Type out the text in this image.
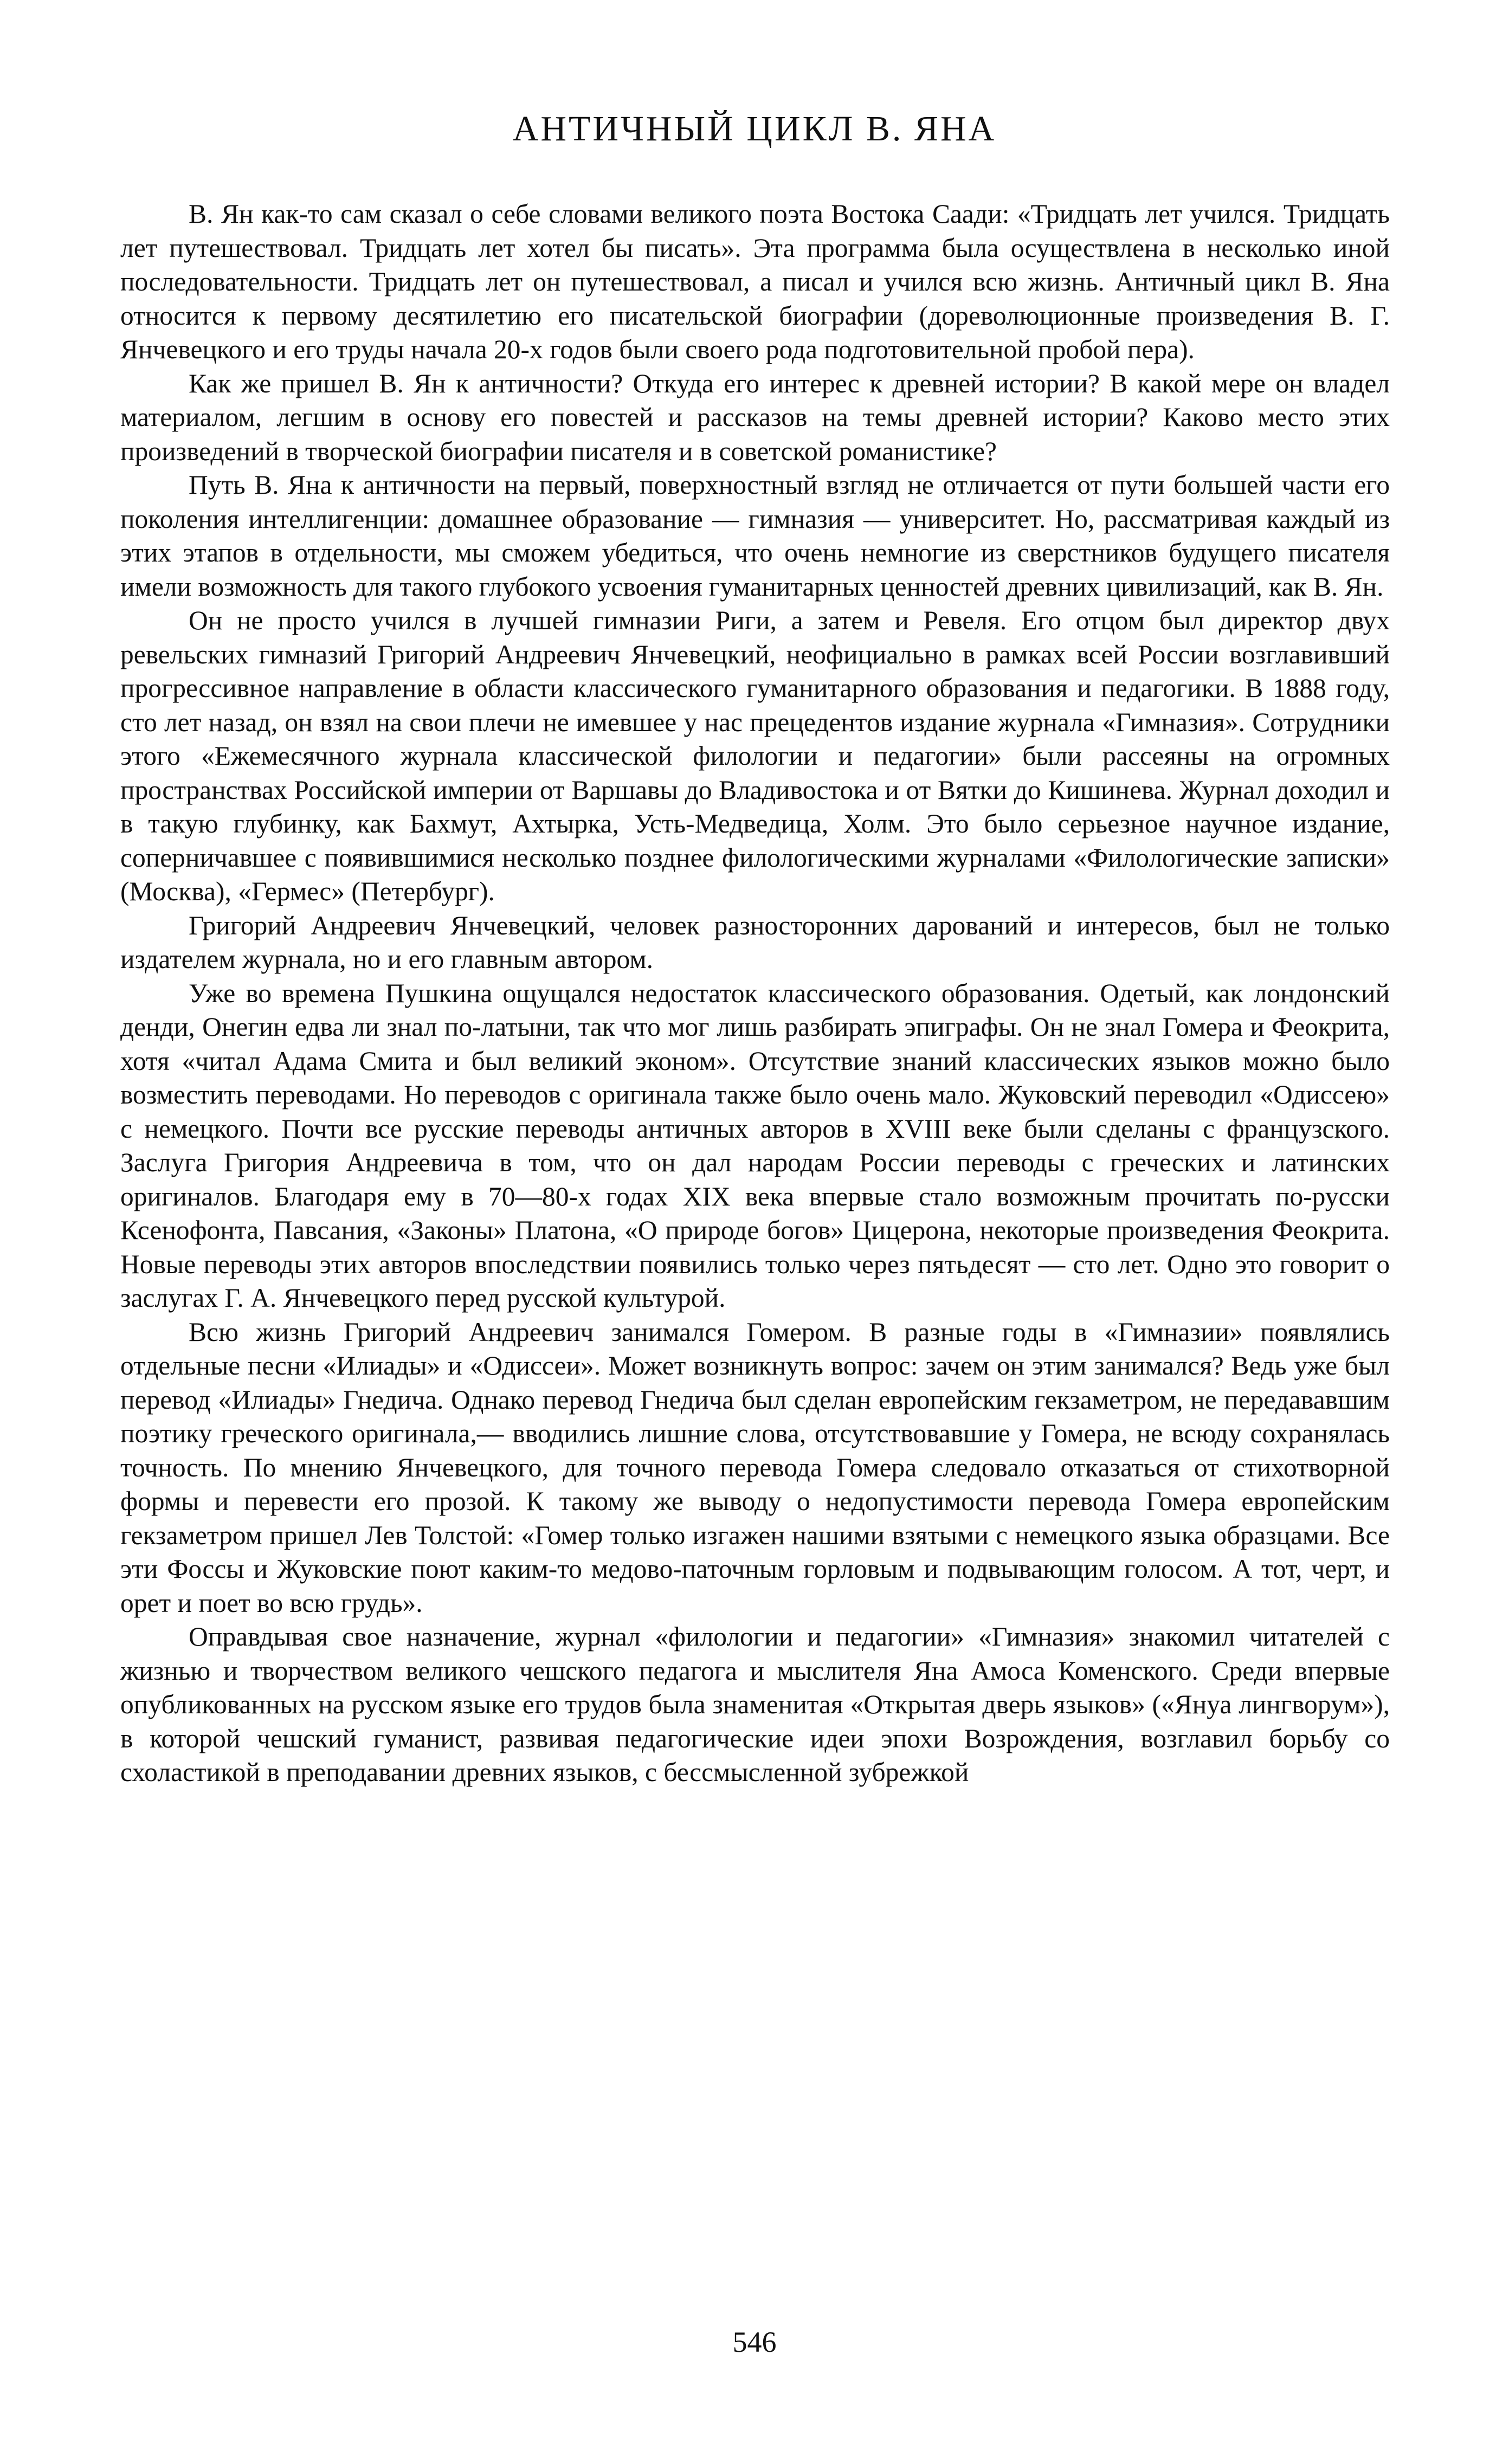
АНТИЧНЫЙ ЦИКЛ В. ЯНА

В. Ян как-то сам сказал о себе словами великого поэта Востока Саади: «Тридцать лет учился. Тридцать лет путешествовал. Тридцать лет хотел бы писать». Эта программа была осуществлена в несколько иной последовательности. Тридцать лет он путешествовал, а писал и учился всю жизнь. Античный цикл В. Яна относится к первому десятилетию его писательской биографии (дореволюционные произведения В. Г. Янчевецкого и его труды начала 20-х годов были своего рода подготовительной пробой пера).

Как же пришел В. Ян к античности? Откуда его интерес к древней истории? В какой мере он владел материалом, легшим в основу его повестей и рассказов на темы древней истории? Каково место этих произведений в творческой биографии писателя и в советской романистике?

Путь В. Яна к античности на первый, поверхностный взгляд не отличается от пути большей части его поколения интеллигенции: домашнее образование — гимназия — университет. Но, рассматривая каждый из этих этапов в отдельности, мы сможем убедиться, что очень немногие из сверстников будущего писателя имели возможность для такого глубокого усвоения гуманитарных ценностей древних цивилизаций, как В. Ян.

Он не просто учился в лучшей гимназии Риги, а затем и Ревеля. Его отцом был директор двух ревельских гимназий Григорий Андреевич Янчевецкий, неофициально в рамках всей России возглавивший прогрессивное направление в области классического гуманитарного образования и педагогики. В 1888 году, сто лет назад, он взял на свои плечи не имевшее у нас прецедентов издание журнала «Гимназия». Сотрудники этого «Ежемесячного журнала классической филологии и педагогии» были рассеяны на огромных пространствах Российской империи от Варшавы до Владивостока и от Вятки до Кишинева. Журнал доходил и в такую глубинку, как Бахмут, Ахтырка, Усть-Медведица, Холм. Это было серьезное научное издание, соперничавшее с появившимися несколько позднее филологическими журналами «Филологические записки» (Москва), «Гермес» (Петербург).

Григорий Андреевич Янчевецкий, человек разносторонних дарований и интересов, был не только издателем журнала, но и его главным автором.

Уже во времена Пушкина ощущался недостаток классического образования. Одетый, как лондонский денди, Онегин едва ли знал по-латыни, так что мог лишь разбирать эпиграфы. Он не знал Гомера и Феокрита, хотя «читал Адама Смита и был великий эконом». Отсутствие знаний классических языков можно было возместить переводами. Но переводов с оригинала также было очень мало. Жуковский переводил «Одиссею» с немецкого. Почти все русские переводы античных авторов в XVIII веке были сделаны с французского. Заслуга Григория Андреевича в том, что он дал народам России переводы с греческих и латинских оригиналов. Благодаря ему в 70—80-х годах XIX века впервые стало возможным прочитать по-русски Ксенофонта, Павсания, «Законы» Платона, «О природе богов» Цицерона, некоторые произведения Феокрита. Новые переводы этих авторов впоследствии появились только через пятьдесят — сто лет. Одно это говорит о заслугах Г. А. Янчевецкого перед русской культурой.

Всю жизнь Григорий Андреевич занимался Гомером. В разные годы в «Гимназии» появлялись отдельные песни «Илиады» и «Одиссеи». Может возникнуть вопрос: зачем он этим занимался? Ведь уже был перевод «Илиады» Гнедича. Однако перевод Гнедича был сделан европейским гекзаметром, не передававшим поэтику греческого оригинала,— вводились лишние слова, отсутствовавшие у Гомера, не всюду сохранялась точность. По мнению Янчевецкого, для точного перевода Гомера следовало отказаться от стихотворной формы и перевести его прозой. К такому же выводу о недопустимости перевода Гомера европейским гекзаметром пришел Лев Толстой: «Гомер только изгажен нашими взятыми с немецкого языка образцами. Все эти Фоссы и Жуковские поют каким-то медово-паточным горловым и подвывающим голосом. А тот, черт, и орет и поет во всю грудь».

Оправдывая свое назначение, журнал «филологии и педагогии» «Гимназия» знакомил читателей с жизнью и творчеством великого чешского педагога и мыслителя Яна Амоса Коменского. Среди впервые опубликованных на русском языке его трудов была знаменитая «Открытая дверь языков» («Януа лингворум»), в которой чешский гуманист, развивая педагогические идеи эпохи Возрождения, возглавил борьбу со схоластикой в преподавании древних языков, с бессмысленной зубрежкой

546
